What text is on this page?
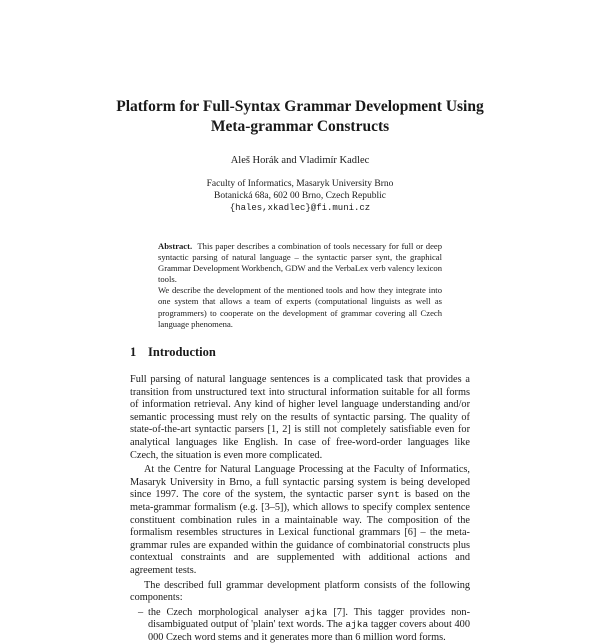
Platform for Full-Syntax Grammar Development Using
Meta-grammar Constructs
Aleš Horák and Vladimír Kadlec
Faculty of Informatics, Masaryk University Brno
Botanická 68a, 602 00 Brno, Czech Republic
{hales,xkadlec}@fi.muni.cz

Abstract. This paper describes a combination of tools necessary for full or deep syntactic parsing of natural language – the syntactic parser synt, the graphical Grammar Development Workbench, GDW and the VerbaLex verb valency lexicon tools.

We describe the development of the mentioned tools and how they integrate into one system that allows a team of experts (computational linguists as well as programmers) to cooperate on the development of grammar covering all Czech language phenomena.

1 Introduction

Full parsing of natural language sentences is a complicated task that provides a transition from unstructured text into structural information suitable for all forms of information retrieval. Any kind of higher level language understanding and/or semantic processing must rely on the results of syntactic parsing. The quality of state-of-the-art syntactic parsers [1, 2] is still not completely satisfiable even for analytical languages like English. In case of free-word-order languages like Czech, the situation is even more complicated.

At the Centre for Natural Language Processing at the Faculty of Informatics, Masaryk University in Brno, a full syntactic parsing system is being developed since 1997. The core of the system, the syntactic parser synt is based on the meta-grammar formalism (e.g. [3–5]), which allows to specify complex sentence constituent combination rules in a maintainable way. The composition of the formalism resembles structures in Lexical functional grammars [6] – the meta-grammar rules are expanded within the guidance of combinatorial constructs plus contextual constraints and are supplemented with additional actions and agreement tests.

The described full grammar development platform consists of the following components:

– the Czech morphological analyser ajka [7]. This tagger provides non-disambiguated output of 'plain' text words. The ajka tagger covers about 400 000 Czech word stems and it generates more than 6 million word forms.
